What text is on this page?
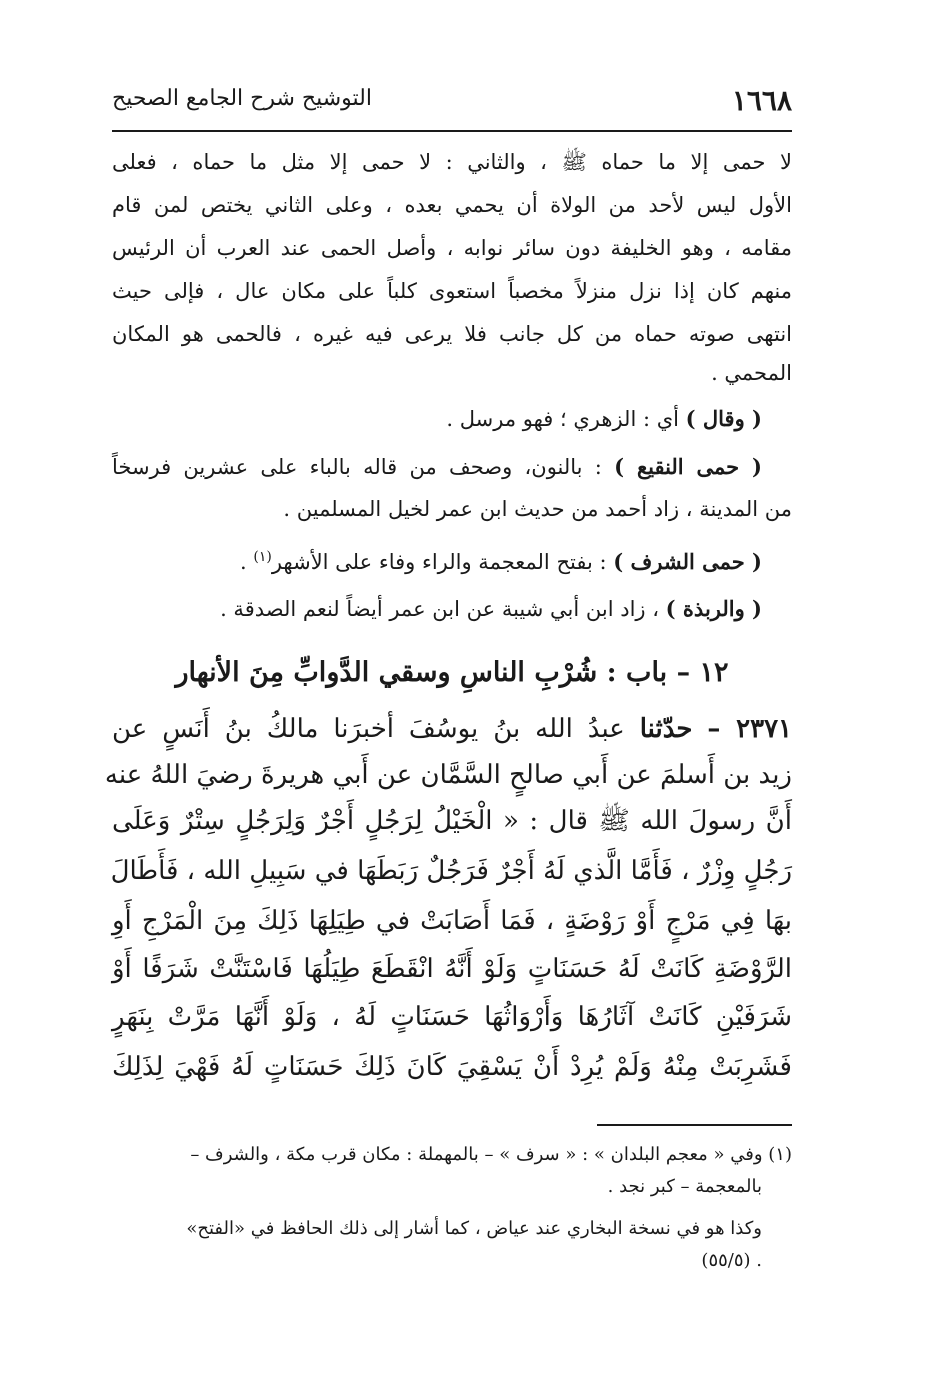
١٦٦٨
التوشيح شرح الجامع الصحيح
لا حمى إلا ما حماه ﷺ ، والثاني : لا حمى إلا مثل ما حماه ، فعلى
الأول ليس لأحد من الولاة أن يحمي بعده ، وعلى الثاني يختص لمن قام
مقامه ، وهو الخليفة دون سائر نوابه ، وأصل الحمى عند العرب أن الرئيس
منهم كان إذا نزل منزلاً مخصباً استعوى كلباً على مكان عال ، فإلى حيث
انتهى صوته حماه من كل جانب فلا يرعى فيه غيره ، فالحمى هو المكان
المحمي .
( وقال ) أي : الزهري ؛ فهو مرسل .
( حمى النقيع ) : بالنون، وصحف من قاله بالباء على عشرين فرسخاً
من المدينة ، زاد أحمد من حديث ابن عمر لخيل المسلمين .
( حمى الشرف ) : بفتح المعجمة والراء وفاء على الأشهر$^{(١)}$ .
( والربذة ) ، زاد ابن أبي شيبة عن ابن عمر أيضاً لنعم الصدقة .
١٢ – باب : شُرْبِ الناسِ وسقي الدَّوابِّ مِنَ الأنهار
٢٣٧١ – حدّثنا عبدُ الله بنُ يوسُفَ أخبرَنا مالكُ بنُ أَنَسٍ عن
زيد بن أَسلمَ عن أَبي صالحٍ السَّمَّان عن أَبي هريرةَ رضيَ اللهُ عنه
أَنَّ رسولَ الله ﷺ قال : « الْخَيْلُ لِرَجُلٍ أَجْرٌ وَلِرَجُلٍ سِتْرٌ وَعَلَى
رَجُلٍ وِزْرٌ ، فَأَمَّا الَّذي لَهُ أَجْرٌ فَرَجُلٌ رَبَطَهَا في سَبِيلِ الله ، فَأَطَالَ
بهَا فِي مَرْجٍ أَوْ رَوْضَةٍ ، فَمَا أَصَابَتْ في طِيَلِهَا ذَلِكَ مِنَ الْمَرْجِ أَوِ
الرَّوْضَةِ كَانَتْ لَهُ حَسَنَاتٍ وَلَوْ أَنَّهُ انْقَطَعَ طِيَلُهَا فَاسْتَنَّتْ شَرَفًا أَوْ
شَرَفَيْنِ كَانَتْ آثَارُهَا وَأَرْوَاثُهَا حَسَنَاتٍ لَهُ ، وَلَوْ أَنَّهَا مَرَّتْ بِنَهَرٍ
فَشَرِبَتْ مِنْهُ وَلَمْ يُرِدْ أَنْ يَسْقِيَ كَانَ ذَلِكَ حَسَنَاتٍ لَهُ فَهْيَ لِذَلِكَ
(١) وفي « معجم البلدان » : « سرف » – بالمهملة : مكان قرب مكة ، والشرف –
بالمعجمة – كبر نجد .
وكذا هو في نسخة البخاري عند عياض ، كما أشار إلى ذلك الحافظ في «الفتح»
. (٥٥/٥)
